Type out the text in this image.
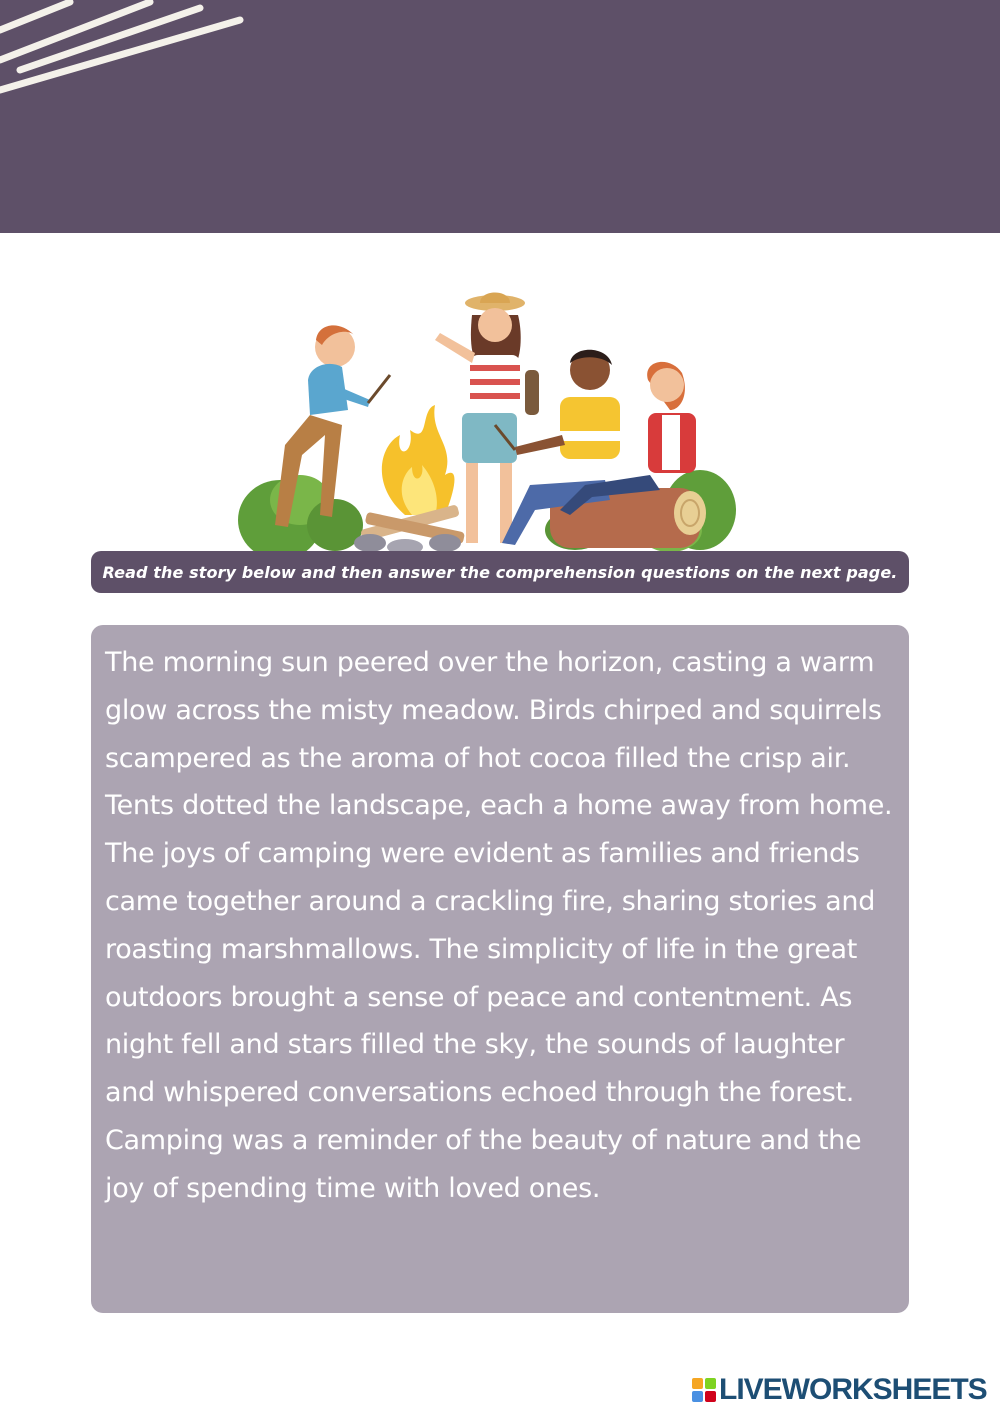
Read the story below and then answer the comprehension questions on the next page.

The morning sun peered over the horizon, casting a warm glow across the misty meadow. Birds chirped and squirrels scampered as the aroma of hot cocoa filled the crisp air. Tents dotted the landscape, each a home away from home. The joys of camping were evident as families and friends came together around a crackling fire, sharing stories and roasting marshmallows. The simplicity of life in the great outdoors brought a sense of peace and contentment. As night fell and stars filled the sky, the sounds of laughter and whispered conversations echoed through the forest. Camping was a reminder of the beauty of nature and the joy of spending time with loved ones.

LIVEWORKSHEETS
